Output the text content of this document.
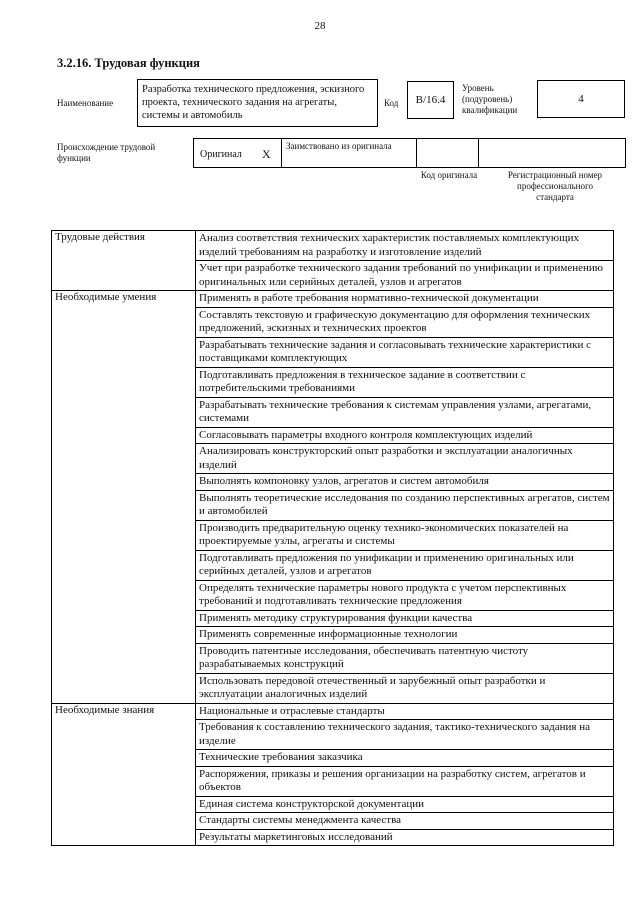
28
3.2.16. Трудовая функция
Наименование
Разработка технического предложения, эскизного проекта, технического задания на агрегаты, системы и автомобиль
Код	B/16.4
Уровень (подуровень) квалификации
4
Происхождение трудовой функции	Оригинал X
Заимствовано из оригинала
Код оригинала	Регистрационный номер профессионального стандарта
Трудовые действия	Анализ соответствия технических характеристик поставляемых комплектующих изделий требованиям на разработку и изготовление изделий
	Учет при разработке технического задания требований по унификации и применению оригинальных или серийных деталей, узлов и агрегатов
Необходимые умения	Применять в работе требования нормативно-технической документации
	Составлять текстовую и графическую документацию для оформления технических предложений, эскизных и технических проектов
	Разрабатывать технические задания и согласовывать технические характеристики с поставщиками комплектующих
	Подготавливать предложения в техническое задание в соответствии с потребительскими требованиями
	Разрабатывать технические требования к системам управления узлами, агрегатами, системами
	Согласовывать параметры входного контроля комплектующих изделий
	Анализировать конструкторский опыт разработки и эксплуатации аналогичных изделий
	Выполнять компоновку узлов, агрегатов и систем автомобиля
	Выполнять теоретические исследования по созданию перспективных агрегатов, систем и автомобилей
	Производить предварительную оценку технико-экономических показателей на проектируемые узлы, агрегаты и системы
	Подготавливать предложения по унификации и применению оригинальных или серийных деталей, узлов и агрегатов
	Определять технические параметры нового продукта с учетом перспективных требований и подготавливать технические предложения
	Применять методику структурирования функции качества
	Применять современные информационные технологии
	Проводить патентные исследования, обеспечивать патентную чистоту разрабатываемых конструкций
	Использовать передовой отечественный и зарубежный опыт разработки и эксплуатации аналогичных изделий
Необходимые знания	Национальные и отраслевые стандарты
	Требования к составлению технического задания, тактико-технического задания на изделие
	Технические требования заказчика
	Распоряжения, приказы и решения организации на разработку систем, агрегатов и объектов
	Единая система конструкторской документации
	Стандарты системы менеджмента качества
	Результаты маркетинговых исследований
